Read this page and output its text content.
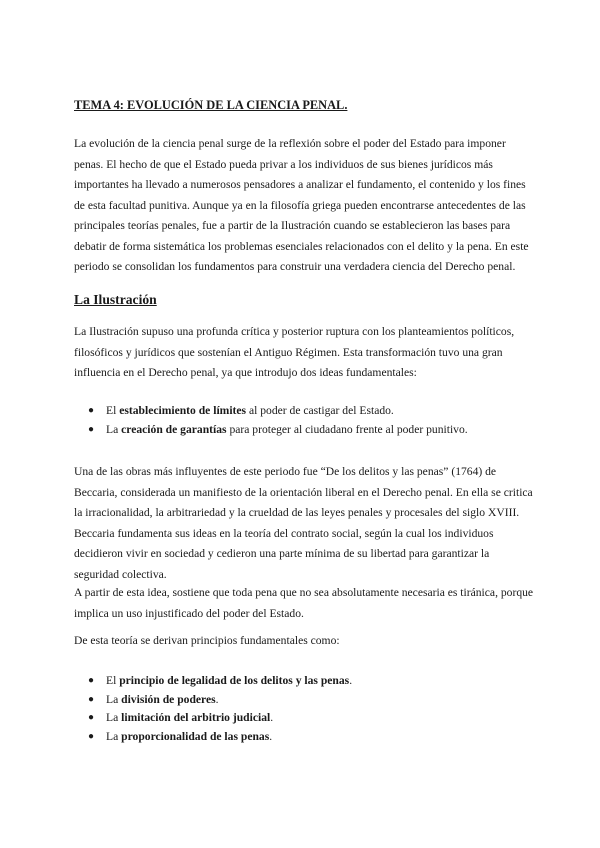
TEMA 4: EVOLUCIÓN DE LA CIENCIA PENAL.

La evolución de la ciencia penal surge de la reflexión sobre el poder del Estado para imponer penas. El hecho de que el Estado pueda privar a los individuos de sus bienes jurídicos más importantes ha llevado a numerosos pensadores a analizar el fundamento, el contenido y los fines de esta facultad punitiva. Aunque ya en la filosofía griega pueden encontrarse antecedentes de las principales teorías penales, fue a partir de la Ilustración cuando se establecieron las bases para debatir de forma sistemática los problemas esenciales relacionados con el delito y la pena. En este periodo se consolidan los fundamentos para construir una verdadera ciencia del Derecho penal.

La Ilustración

La Ilustración supuso una profunda crítica y posterior ruptura con los planteamientos políticos, filosóficos y jurídicos que sostenían el Antiguo Régimen. Esta transformación tuvo una gran influencia en el Derecho penal, ya que introdujo dos ideas fundamentales:

● El establecimiento de límites al poder de castigar del Estado.
● La creación de garantías para proteger al ciudadano frente al poder punitivo.

Una de las obras más influyentes de este periodo fue “De los delitos y las penas” (1764) de Beccaria, considerada un manifiesto de la orientación liberal en el Derecho penal. En ella se critica la irracionalidad, la arbitrariedad y la crueldad de las leyes penales y procesales del siglo XVIII. Beccaria fundamenta sus ideas en la teoría del contrato social, según la cual los individuos decidieron vivir en sociedad y cedieron una parte mínima de su libertad para garantizar la seguridad colectiva.

A partir de esta idea, sostiene que toda pena que no sea absolutamente necesaria es tiránica, porque implica un uso injustificado del poder del Estado.

De esta teoría se derivan principios fundamentales como:

● El principio de legalidad de los delitos y las penas.
● La división de poderes.
● La limitación del arbitrio judicial.
● La proporcionalidad de las penas.
